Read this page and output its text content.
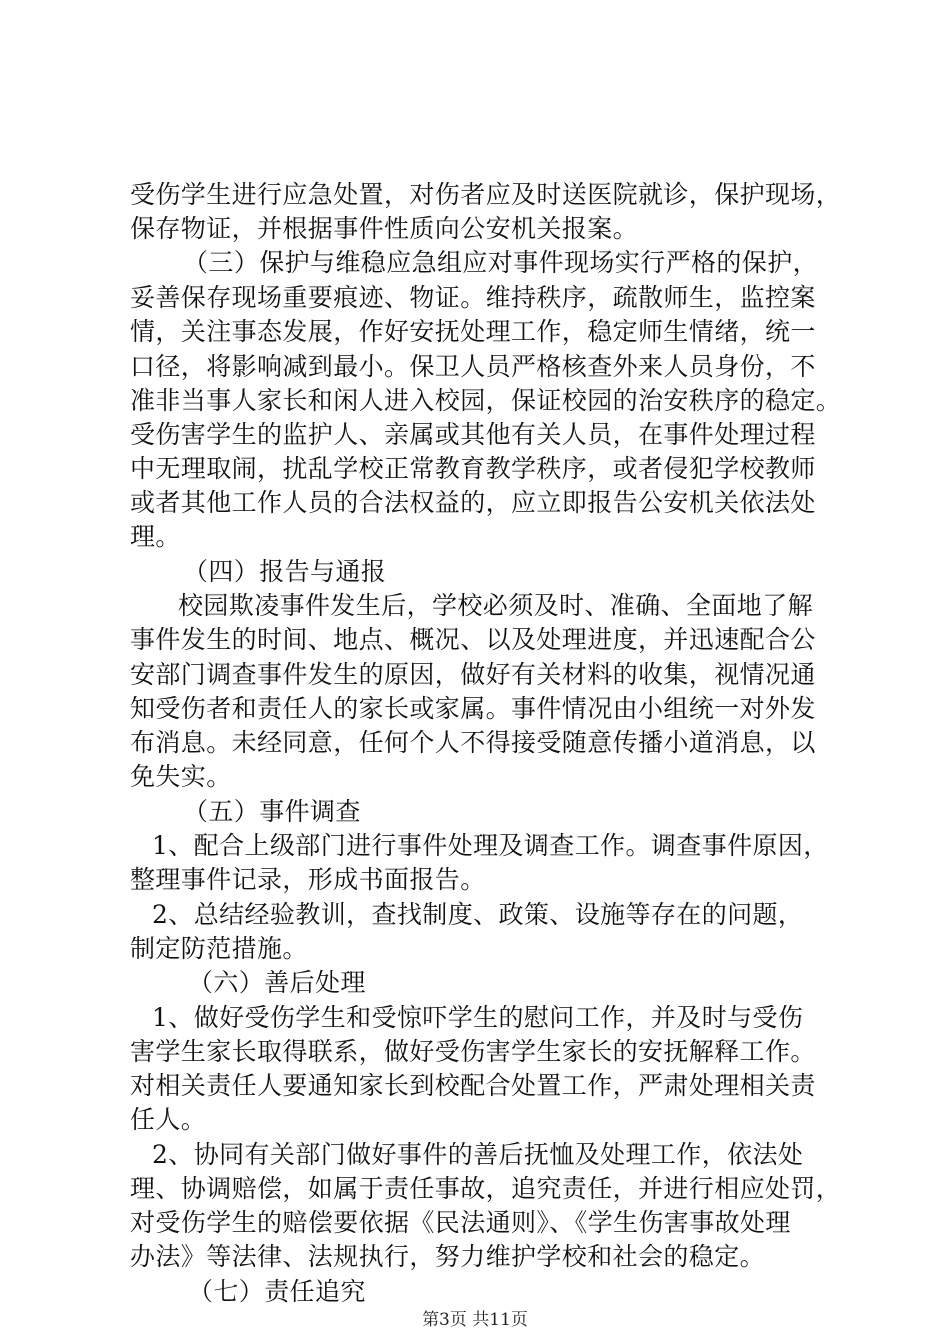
受伤学生进行应急处置，对伤者应及时送医院就诊，保护现场，
保存物证，并根据事件性质向公安机关报案。
（三）保护与维稳应急组应对事件现场实行严格的保护，
妥善保存现场重要痕迹、物证。维持秩序，疏散师生，监控案
情，关注事态发展，作好安抚处理工作，稳定师生情绪，统一
口径，将影响减到最小。保卫人员严格核查外来人员身份，不
准非当事人家长和闲人进入校园，保证校园的治安秩序的稳定。
受伤害学生的监护人、亲属或其他有关人员，在事件处理过程
中无理取闹，扰乱学校正常教育教学秩序，或者侵犯学校教师
或者其他工作人员的合法权益的，应立即报告公安机关依法处
理。
（四）报告与通报
校园欺凌事件发生后，学校必须及时、准确、全面地了解
事件发生的时间、地点、概况、以及处理进度，并迅速配合公
安部门调查事件发生的原因，做好有关材料的收集，视情况通
知受伤者和责任人的家长或家属。事件情况由小组统一对外发
布消息。未经同意，任何个人不得接受随意传播小道消息，以
免失实。
（五）事件调查
1、配合上级部门进行事件处理及调查工作。调查事件原因，
整理事件记录，形成书面报告。
2、总结经验教训，查找制度、政策、设施等存在的问题，
制定防范措施。
（六）善后处理
1、做好受伤学生和受惊吓学生的慰问工作，并及时与受伤
害学生家长取得联系，做好受伤害学生家长的安抚解释工作。
对相关责任人要通知家长到校配合处置工作，严肃处理相关责
任人。
2、协同有关部门做好事件的善后抚恤及处理工作，依法处
理、协调赔偿，如属于责任事故，追究责任，并进行相应处罚，
对受伤学生的赔偿要依据《民法通则》、《学生伤害事故处理
办法》等法律、法规执行，努力维护学校和社会的稳定。
（七）责任追究
第3页 共11页
